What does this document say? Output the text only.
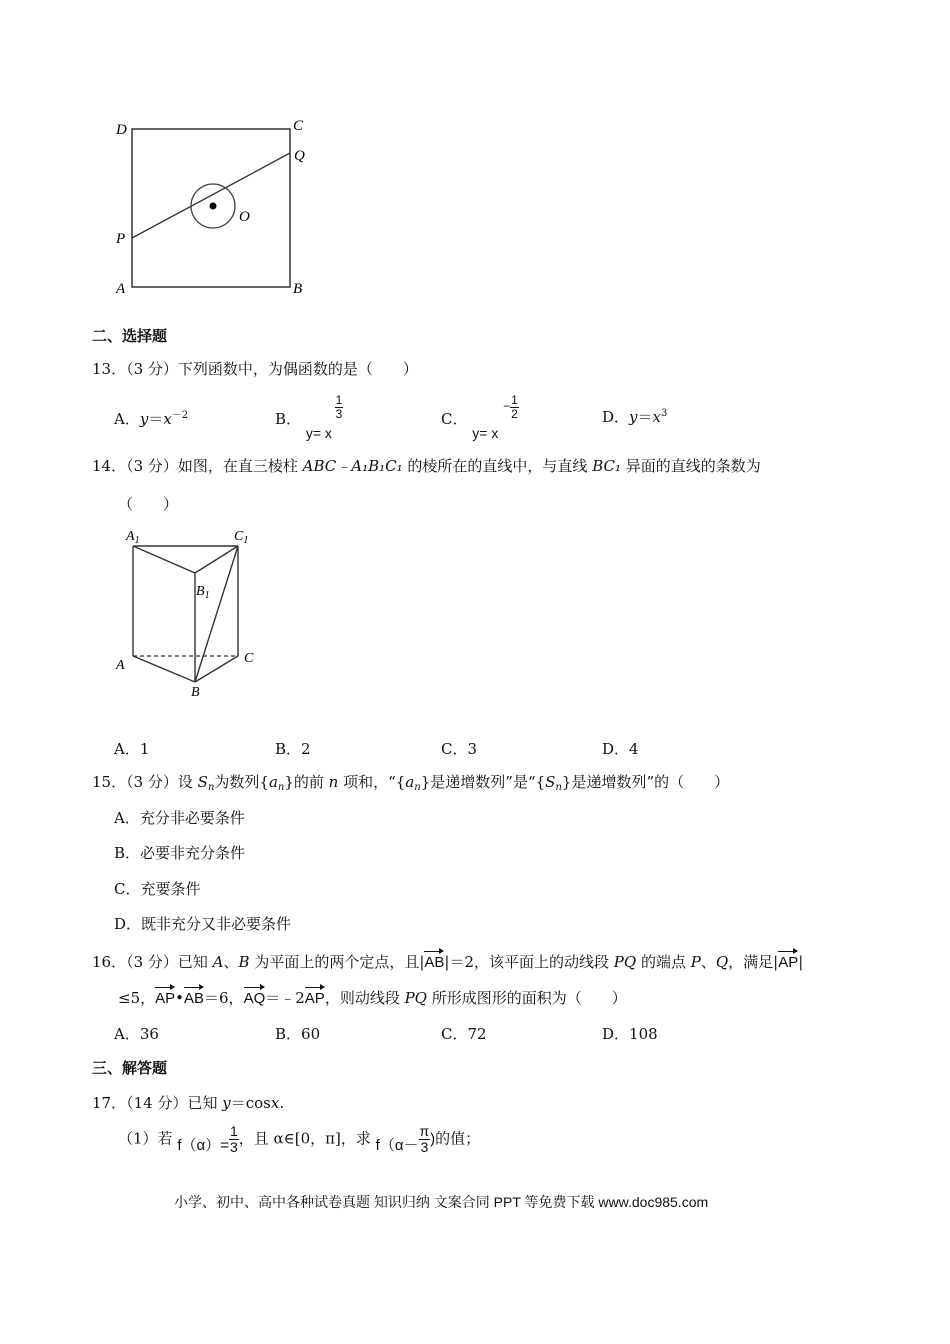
D	C
Q
O
P
A	B
二、选择题
13．（3 分）下列函数中，为偶函数的是（　　）
A．$y=x^{-2}$	B． y= x
$\frac{1}{3}$	C． y= x $^- \frac{1}{2}$	D．$y=x^3$
14．（3 分）如图，在直三棱柱 ABC﹣A₁B₁C₁ 的棱所在的直线中，与直线 BC₁ 异面的直线的条数为
（　　）
$A_1$	$C_1$
$B_1$
A
B
C
A．1	B．2	C．3	D．4
15．（3 分）设 $S_n$为数列$\{a_n\}$的前 n 项和，“$\{a_n\}$是递增数列”是“$\{S_n\}$是递增数列”的（　　）
A．充分非必要条件
B．必要非充分条件
C．充要条件
D．既非充分又非必要条件
16．（3 分）已知 A、B 为平面上的两个定点，且|AB|＝2，该平面上的动线段 PQ 的端点 P、Q，满足|AP|
≤5，AP•AB＝6，AQ＝﹣2AP，则动线段 PQ 所形成图形的面积为（　　）
A．36	B．60	C．72	D．108
三、解答题
17．（14 分）已知 y＝cosx.
（1）若 $f(\alpha)= \frac{1}{3}$ ，且 α∈[0，π]，求 $f(\alpha- \frac{\pi}{3}$ )的值；
小学、初中、高中各种试卷真题 知识归纳 文案合同 PPT 等免费下载 www.doc985.com
